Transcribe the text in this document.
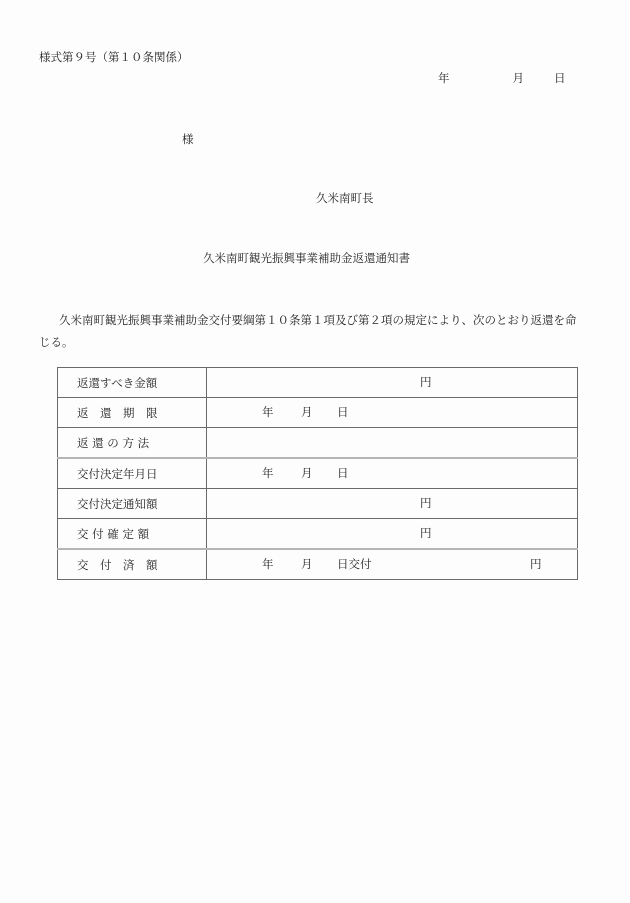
様式第９号（第１０条関係）
年	月	日
様
久米南町長
久米南町観光振興事業補助金返還通知書
久米南町観光振興事業補助金交付要綱第１０条第１項及び第２項の規定により、次のとおり返還を命じる。
返還すべき金額	円

返　還　期　限	年 月 日

返 還 の 方 法	
交付決定年月日	年 月 日

交付決定通知額	円

交 付 確 定 額	円

交　付　済　額	年 月 日交付 円
